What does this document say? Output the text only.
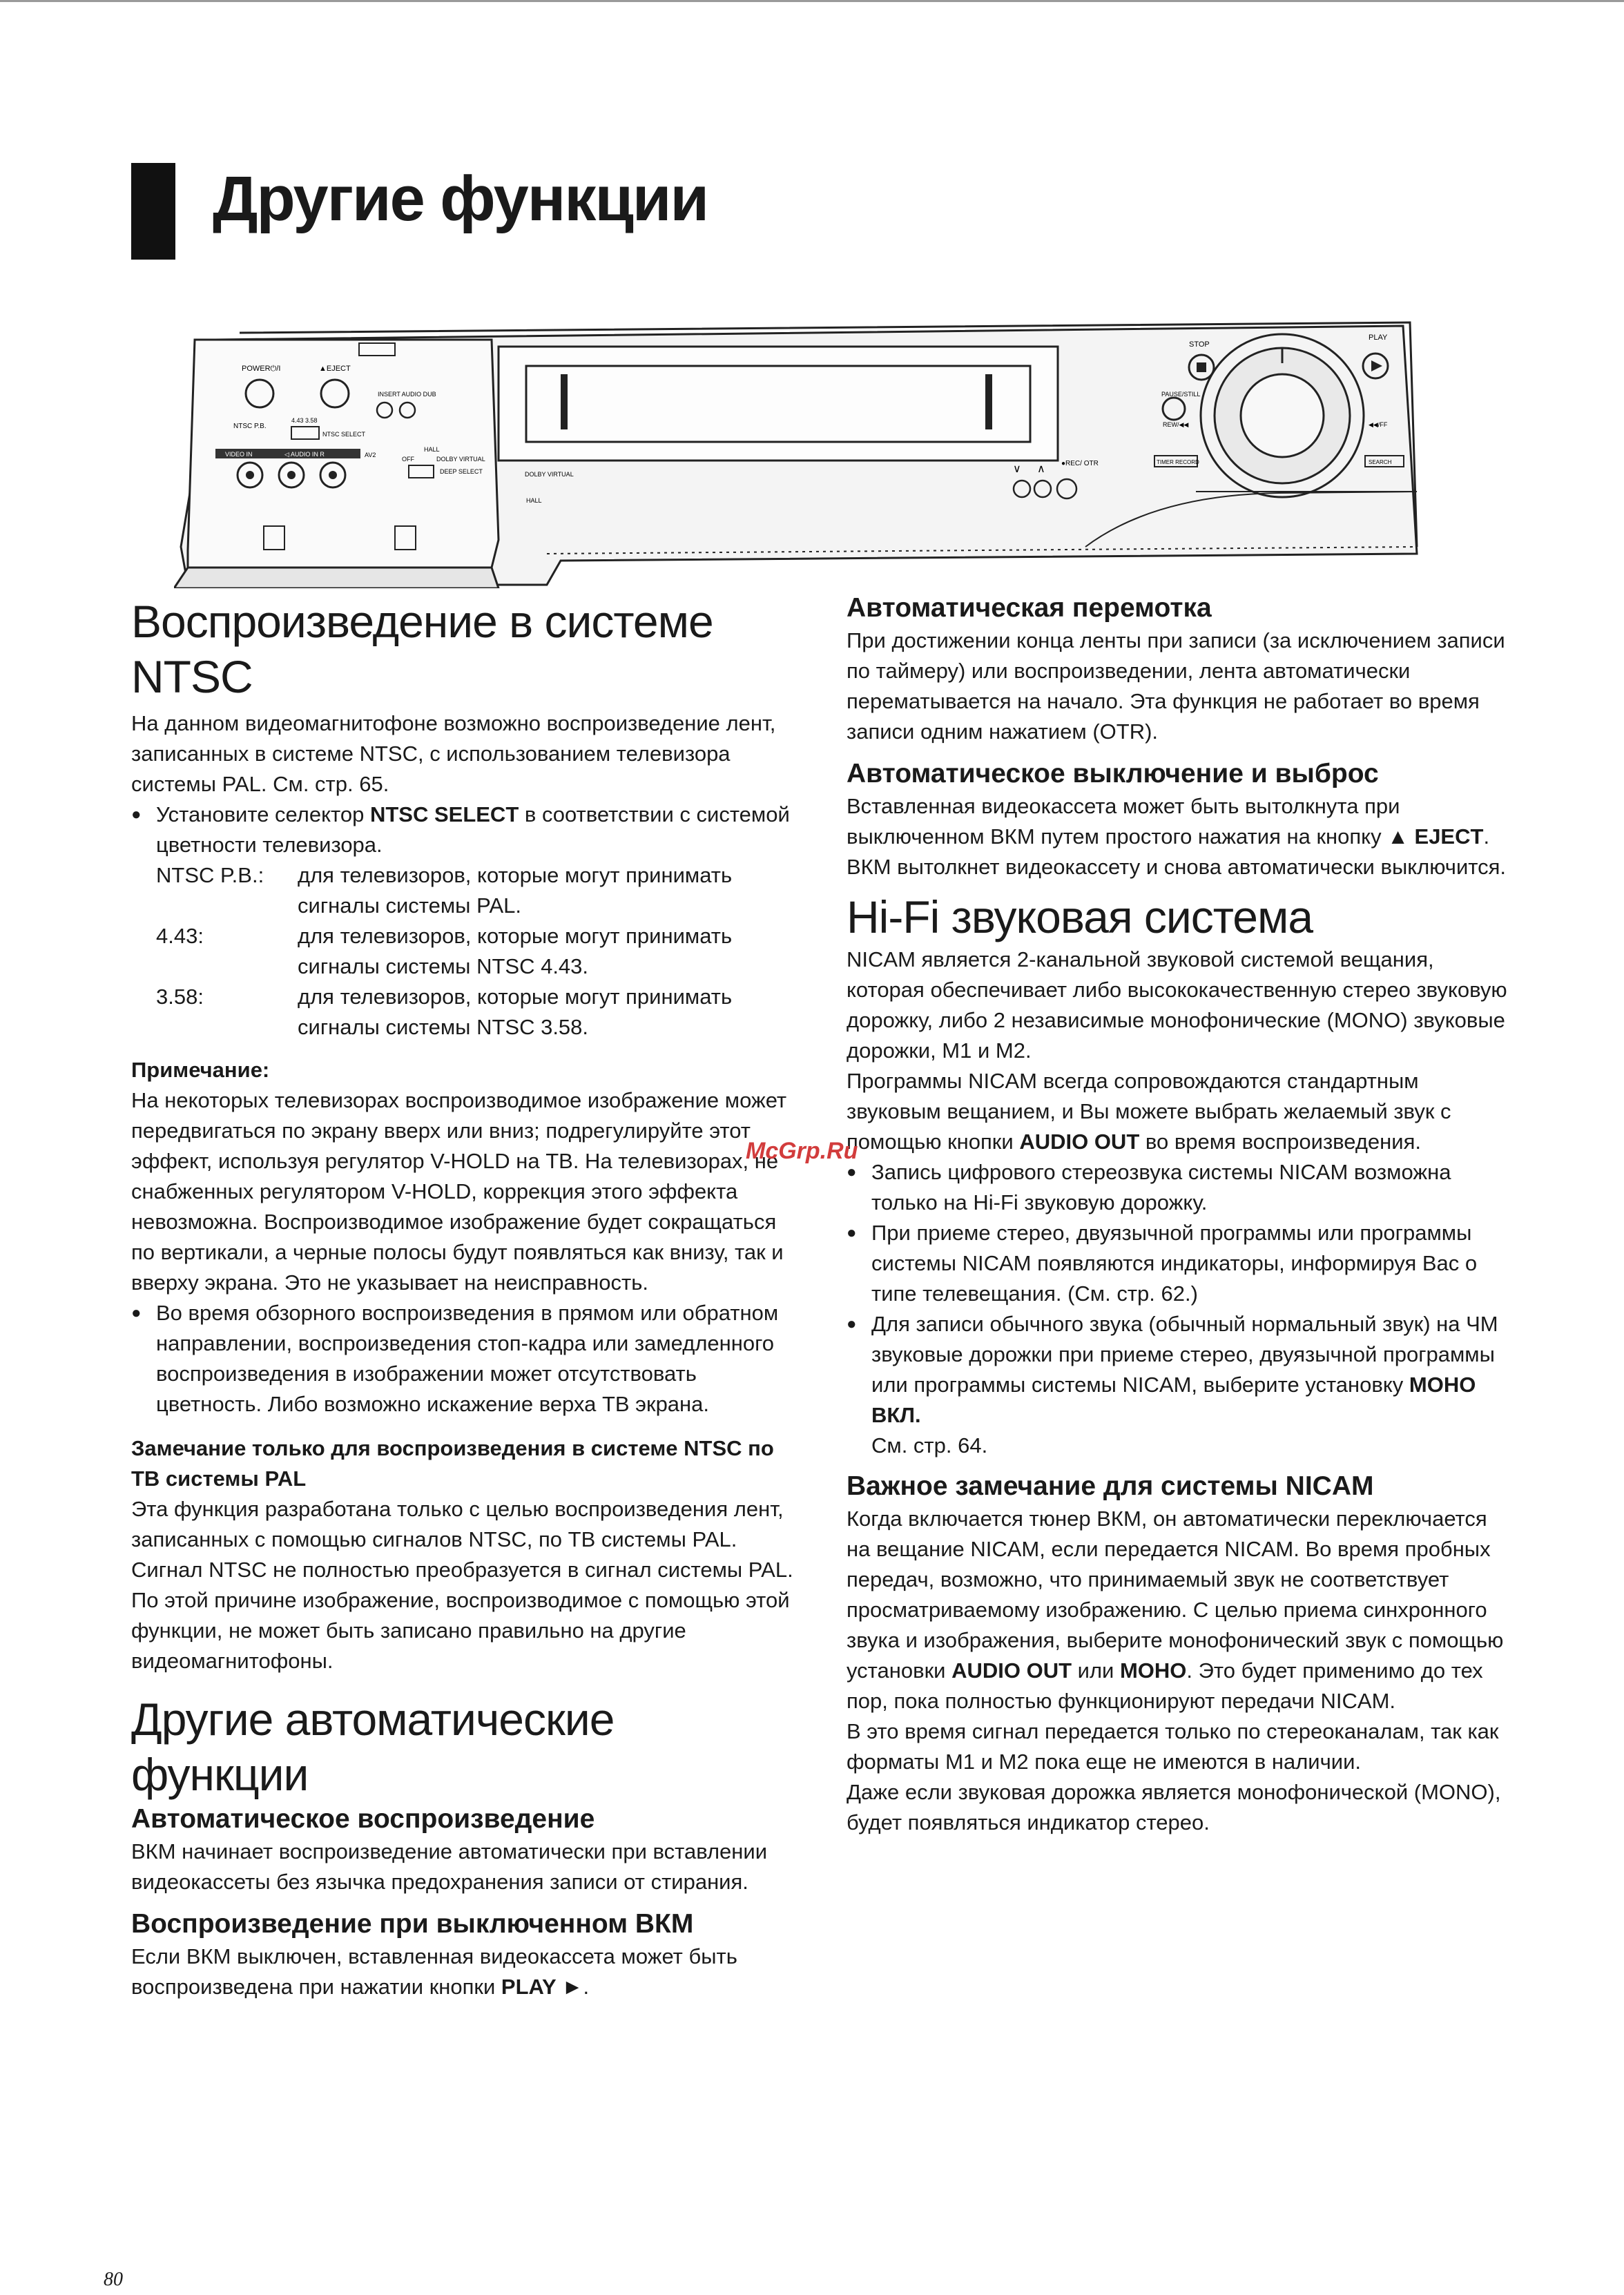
Другие функции
POWER⏻/I	▲EJECT
INSERT AUDIO DUB
NTSC P.B.
4.43 3.58
NTSC SELECT
◁ AUDIO IN R
VIDEO IN	AV2
HALL
OFF	DOLBY VIRTUAL
DEEP SELECT	DOLBY VIRTUAL
HALL
∨ ∧ ●REC/ OTR
STOP
PLAY
PAUSE/STILL
REW/◀◀	◀◀/FF
TIMER RECORD	SEARCH
Воспроизведение в системе NTSC

На данном видеомагнитофоне возможно воспроизведение лент, записанных в системе NTSC, с использованием телевизора системы PAL. См. стр. 65.

● Установите селектор NTSC SELECT в соответствии с системой цветности телевизора.

NTSC P.B.:	для телевизоров, которые могут принимать сигналы системы PAL.
4.43:	для телевизоров, которые могут принимать сигналы системы NTSC 4.43.
3.58:	для телевизоров, которые могут принимать сигналы системы NTSC 3.58.
Примечание:

На некоторых телевизорах воспроизводимое изображение может передвигаться по экрану вверх или вниз; подрегулируйте этот эффект, используя регулятор V-HOLD на ТВ. На телевизорах, не снабженных регулятором V-HOLD, коррекция этого эффекта невозможна. Воспроизводимое изображение будет сокращаться по вертикали, а черные полосы будут появляться как внизу, так и вверху экрана. Это не указывает на неисправность.

● Во время обзорного воспроизведения в прямом или обратном направлении, воспроизведения стоп-кадра или замедленного воспроизведения в изображении может отсутствовать цветность. Либо возможно искажение верха ТВ экрана.

Замечание только для воспроизведения в системе NTSC по ТВ системы PAL

Эта функция разработана только с целью воспроизведения лент, записанных с помощью сигналов NTSC, по ТВ системы PAL.

Сигнал NTSC не полностью преобразуется в сигнал системы PAL. По этой причине изображение, воспроизводимое с помощью этой функции, не может быть записано правильно на другие видеомагнитофоны.

Другие автоматические функции
Автоматическое воспроизведение

ВКМ начинает воспроизведение автоматически при вставлении видеокассеты без язычка предохранения записи от стирания.

Воспроизведение при выключенном ВКМ

Если ВКМ выключен, вставленная видеокассета может быть воспроизведена при нажатии кнопки PLAY ►.

Автоматическая перемотка

При достижении конца ленты при записи (за исключением записи по таймеру) или воспроизведении, лента автоматически перематывается на начало. Эта функция не работает во время записи одним нажатием (OTR).

Автоматическое выключение и выброс

Вставленная видеокассета может быть вытолкнута при выключенном ВКМ путем простого нажатия на кнопку ▲ EJECT. ВКМ вытолкнет видеокассету и снова автоматически выключится.

Hi-Fi звуковая система

NICAM является 2-канальной звуковой системой вещания, которая обеспечивает либо высококачественную стерео звуковую дорожку, либо 2 независимые монофонические (MONO) звуковые дорожки, M1 и M2.

Программы NICAM всегда сопровождаются стандартным звуковым вещанием, и Вы можете выбрать желаемый звук с помощью кнопки AUDIO OUT во время воспроизведения.

● Запись цифрового стереозвука системы NICAM возможна только на Hi-Fi звуковую дорожку.

● При приеме стерео, двуязычной программы или программы системы NICAM появляются индикаторы, информируя Вас о типе телевещания. (См. стр. 62.)

● Для записи обычного звука (обычный нормальный звук) на ЧМ звуковые дорожки при приеме стерео, двуязычной программы или программы системы NICAM, выберите установку МОНО ВКЛ.
См. стр. 64.

Важное замечание для системы NICAM

Когда включается тюнер ВКМ, он автоматически переключается на вещание NICAM, если передается NICAM. Во время пробных передач, возможно, что принимаемый звук не соответствует просматриваемому изображению. С целью приема синхронного звука и изображения, выберите монофонический звук с помощью установки AUDIO OUT или MOHO. Это будет применимо до тех пор, пока полностью функционируют передачи NICAM.

В это время сигнал передается только по стереоканалам, так как форматы M1 и M2 пока еще не имеются в наличии.

Даже если звуковая дорожка является монофонической (MONO), будет появляться индикатор стерео.

McGrp.Ru
80
